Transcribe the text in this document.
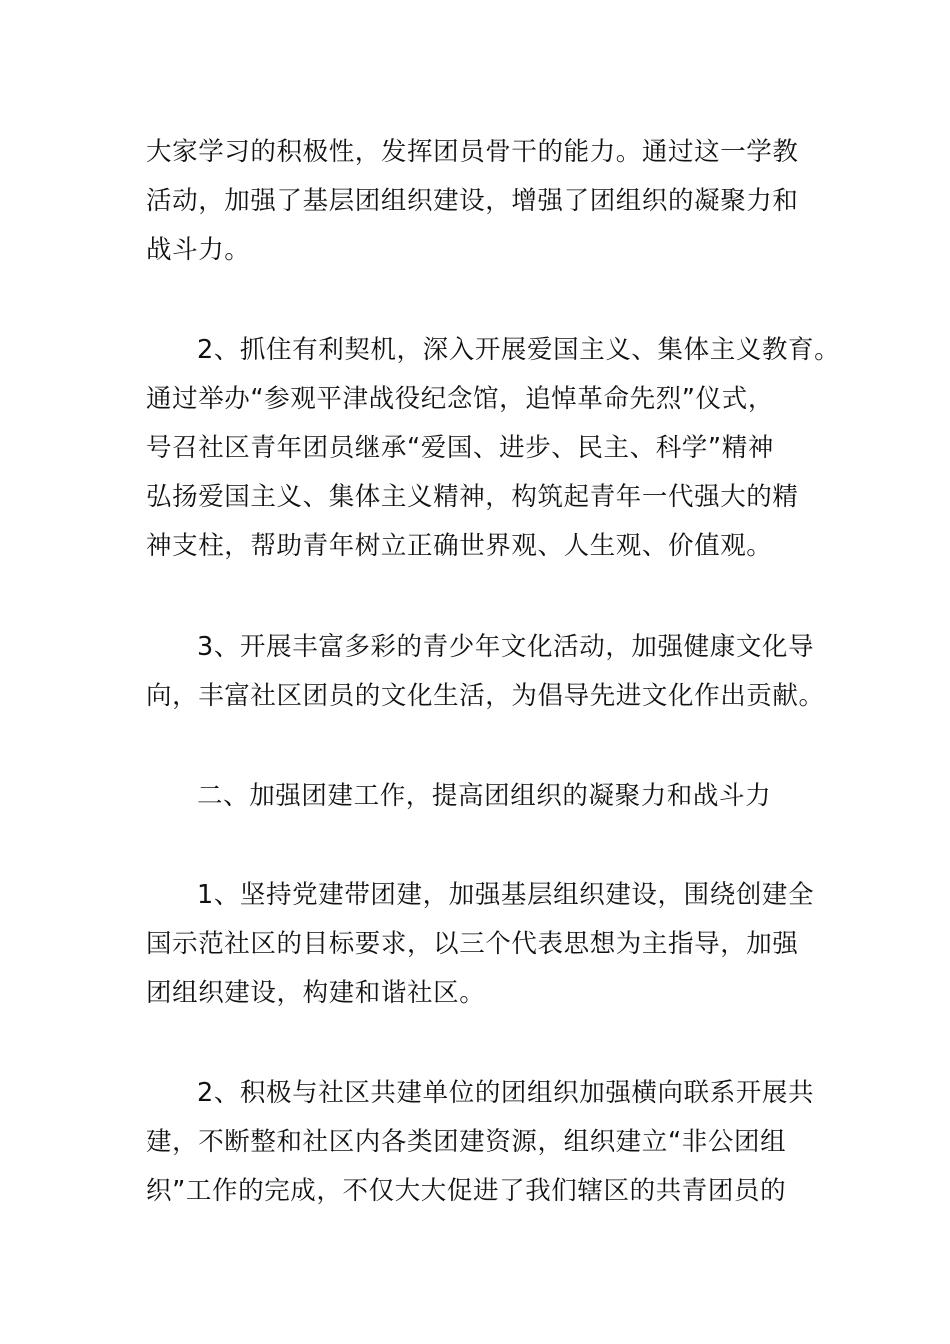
大家学习的积极性，发挥团员骨干的能力。通过这一学教
活动，加强了基层团组织建设，增强了团组织的凝聚力和
战斗力。
2、抓住有利契机，深入开展爱国主义、集体主义教育。
通过举办“参观平津战役纪念馆，追悼革命先烈”仪式，
号召社区青年团员继承“爱国、进步、民主、科学”精神
弘扬爱国主义、集体主义精神，构筑起青年一代强大的精
神支柱，帮助青年树立正确世界观、人生观、价值观。
3、开展丰富多彩的青少年文化活动，加强健康文化导
向，丰富社区团员的文化生活，为倡导先进文化作出贡献。
二、加强团建工作，提高团组织的凝聚力和战斗力
1、坚持党建带团建，加强基层组织建设，围绕创建全
国示范社区的目标要求，以三个代表思想为主指导，加强
团组织建设，构建和谐社区。
2、积极与社区共建单位的团组织加强横向联系开展共
建，不断整和社区内各类团建资源，组织建立“非公团组
织”工作的完成，不仅大大促进了我们辖区的共青团员的
